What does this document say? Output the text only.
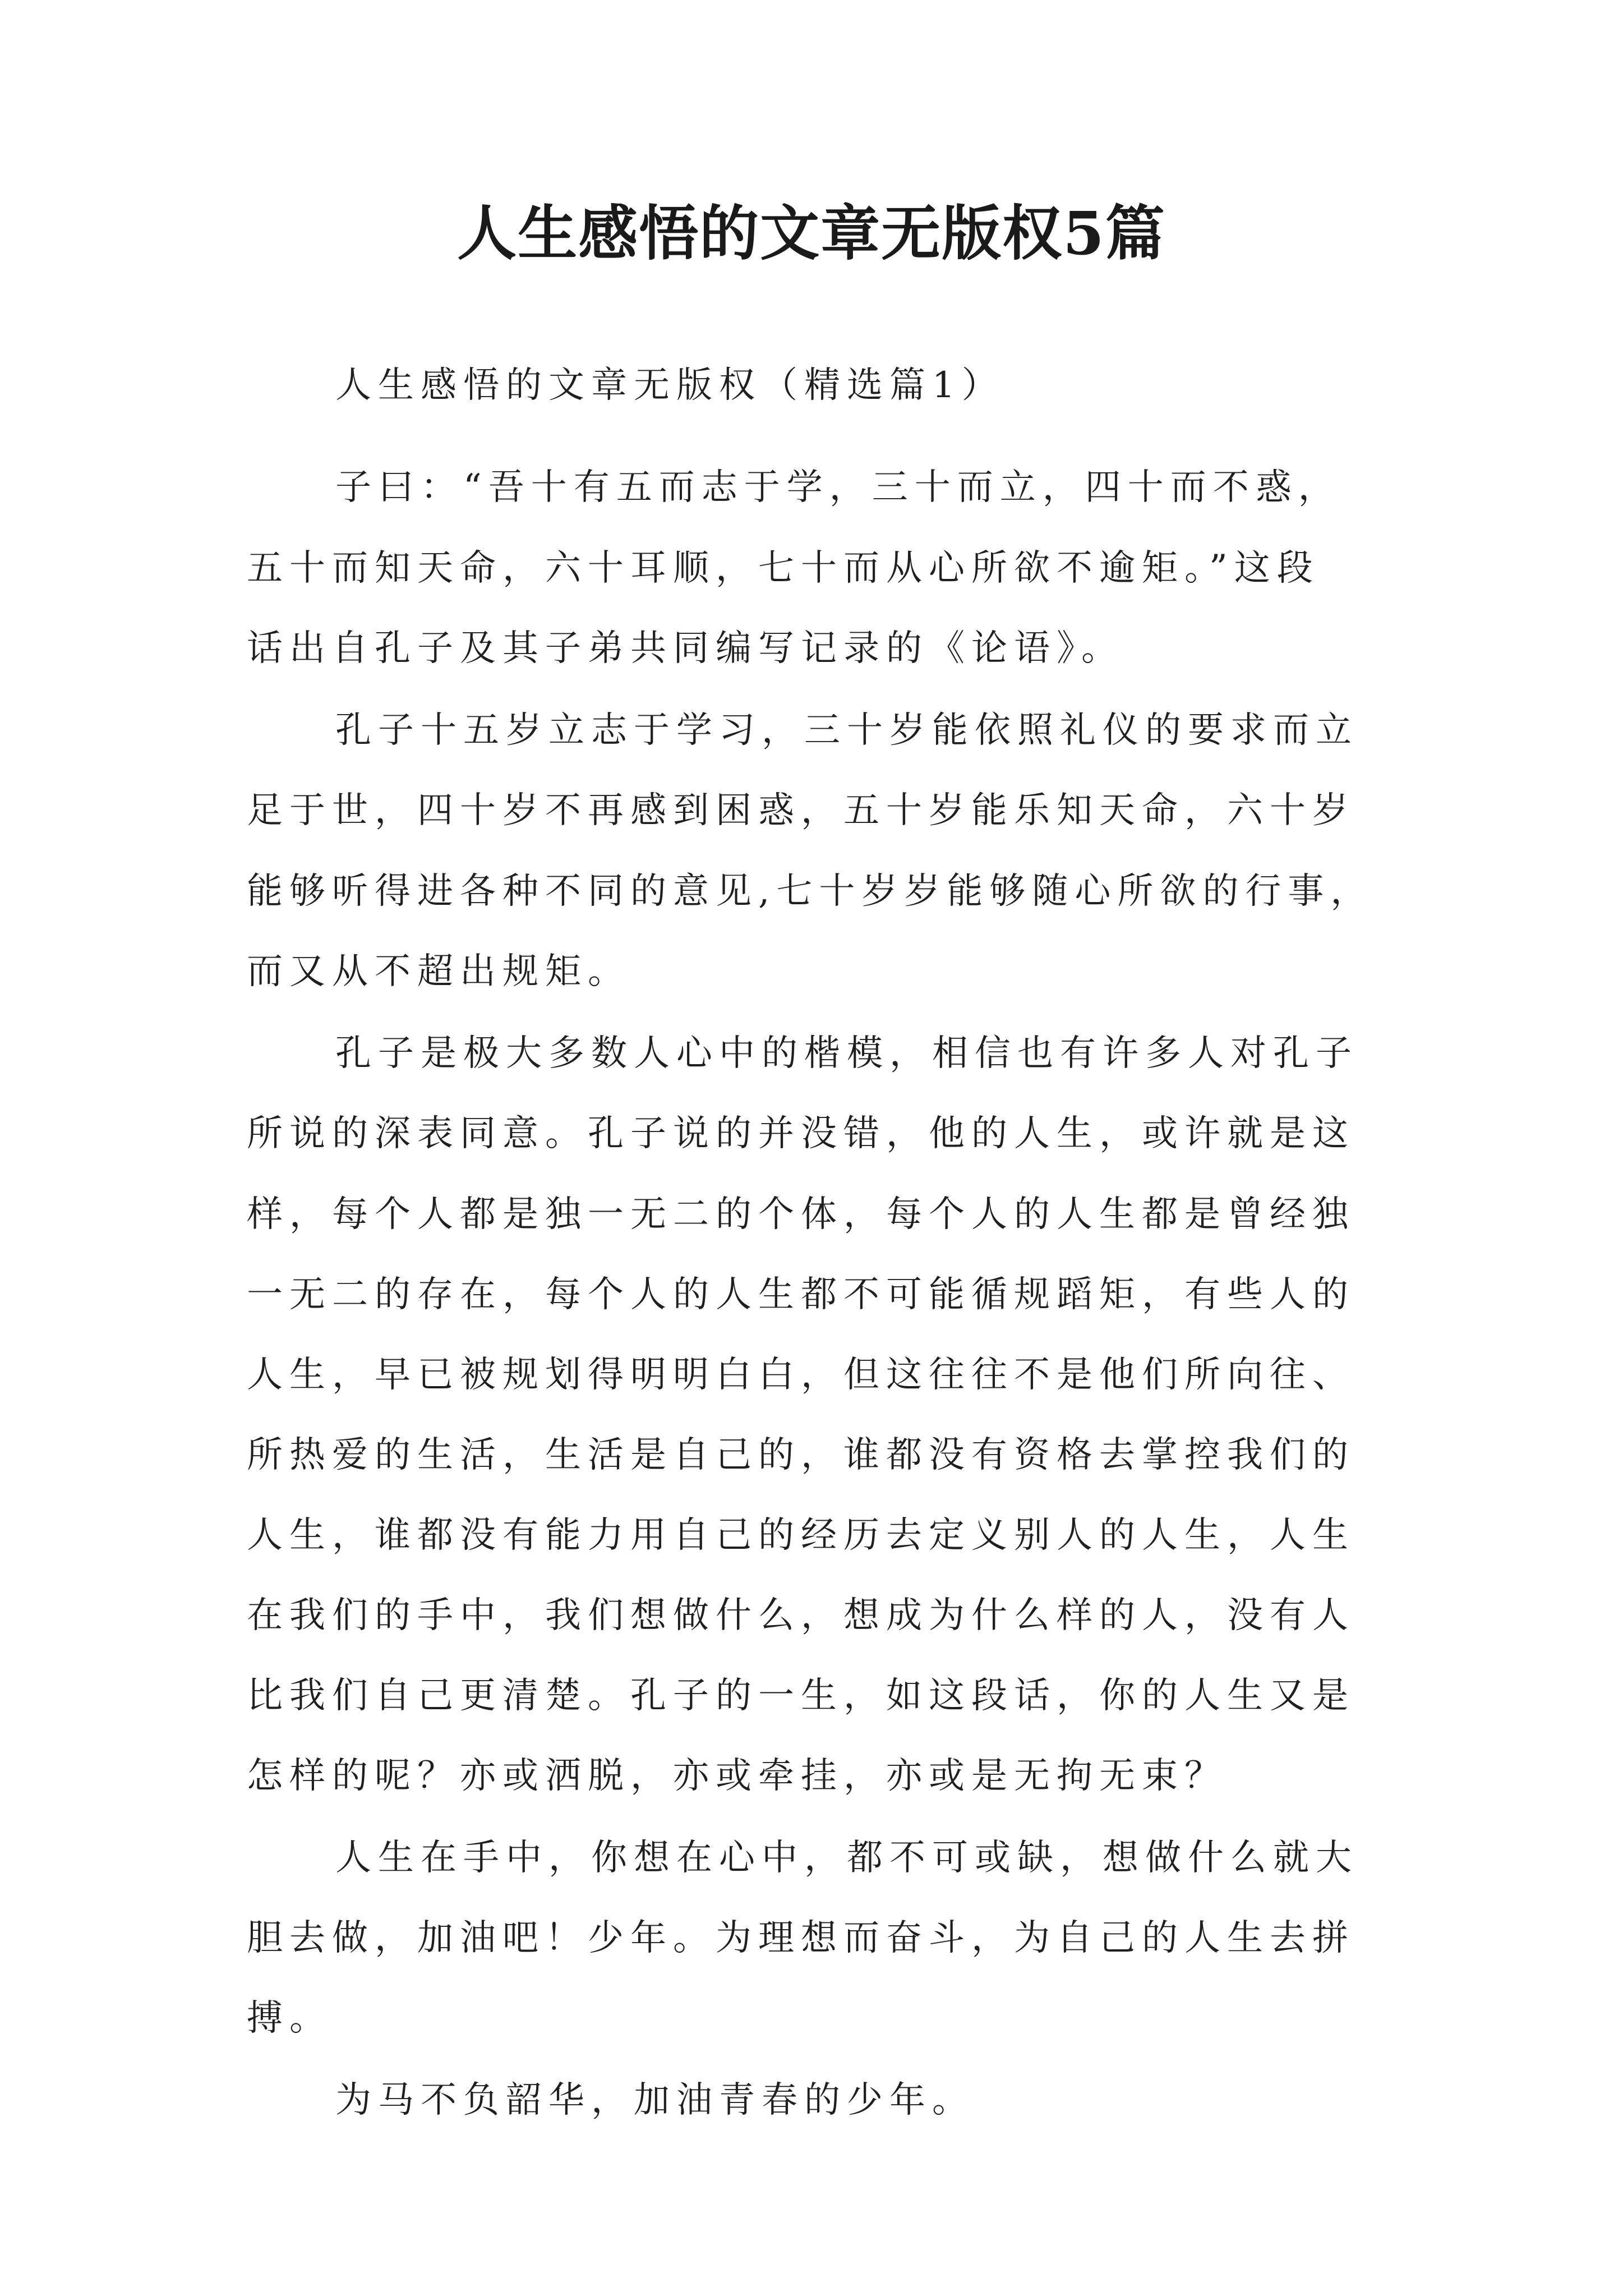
人生感悟的文章无版权5篇
人生感悟的文章无版权（精选篇1）
子曰：“吾十有五而志于学，三十而立，四十而不惑，
五十而知天命，六十耳顺，七十而从心所欲不逾矩。”这段
话出自孔子及其子弟共同编写记录的《论语》。
孔子十五岁立志于学习，三十岁能依照礼仪的要求而立
足于世，四十岁不再感到困惑，五十岁能乐知天命，六十岁
能够听得进各种不同的意见,七十岁岁能够随心所欲的行事，
而又从不超出规矩。
孔子是极大多数人心中的楷模，相信也有许多人对孔子
所说的深表同意。孔子说的并没错，他的人生，或许就是这
样，每个人都是独一无二的个体，每个人的人生都是曾经独
一无二的存在，每个人的人生都不可能循规蹈矩，有些人的
人生，早已被规划得明明白白，但这往往不是他们所向往、
所热爱的生活，生活是自己的，谁都没有资格去掌控我们的
人生，谁都没有能力用自己的经历去定义别人的人生，人生
在我们的手中，我们想做什么，想成为什么样的人，没有人
比我们自己更清楚。孔子的一生，如这段话，你的人生又是
怎样的呢？亦或洒脱，亦或牵挂，亦或是无拘无束？
人生在手中，你想在心中，都不可或缺，想做什么就大
胆去做，加油吧！少年。为理想而奋斗，为自己的人生去拼
搏。
为马不负韶华，加油青春的少年。
